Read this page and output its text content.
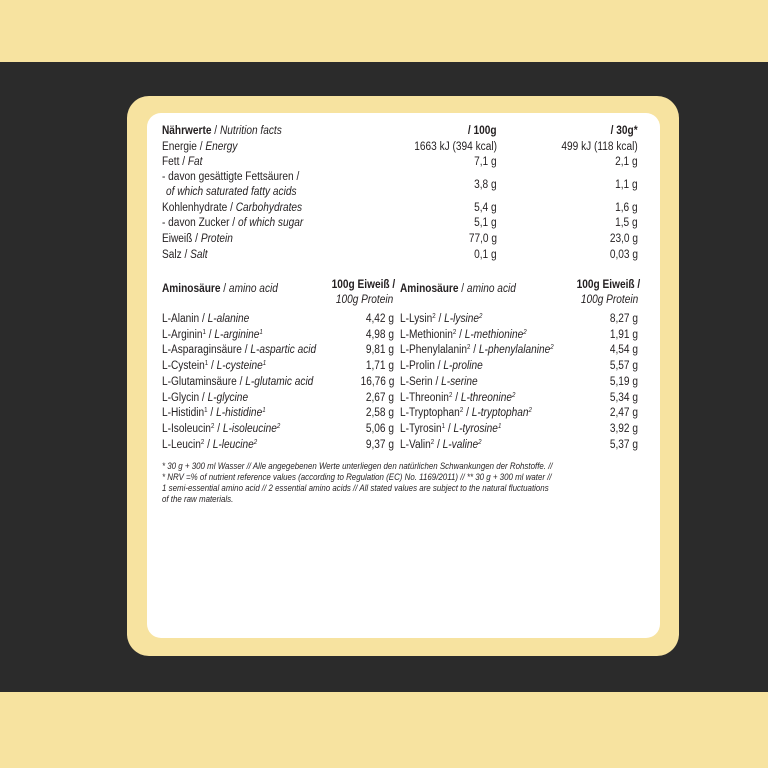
Nährwerte / Nutrition facts	/ 100g	/ 30g*
Energie / Energy	1663 kJ (394 kcal)	499 kJ (118 kcal)
Fett / Fat	7,1 g	2,1 g
- davon gesättigte Fettsäuren /
of which saturated fatty acids
3,8 g	1,1 g
Kohlenhydrate / Carbohydrates	5,4 g	1,6 g
- davon Zucker / of which sugar	5,1 g	1,5 g
Eiweiß / Protein	77,0 g	23,0 g
Salz / Salt	0,1 g	0,03 g
Aminosäure / amino acid	100g Eiweiß /
100g Protein
L-Alanin / L-alanine	4,42 g
L-Arginin$^1$ / L-arginine$^1$	4,98 g
L-Asparaginsäure / L-aspartic acid	9,81 g
L-Cystein$^1$ / L-cysteine$^1$	1,71 g
L-Glutaminsäure / L-glutamic acid	16,76 g
L-Glycin / L-glycine	2,67 g
L-Histidin$^1$ / L-histidine$^1$	2,58 g
L-Isoleucin$^2$ / L-isoleucine$^2$	5,06 g
L-Leucin$^2$ / L-leucine$^2$	9,37 g
Aminosäure / amino acid	100g Eiweiß /
100g Protein
L-Lysin$^2$ / L-lysine$^2$	8,27 g
L-Methionin$^2$ / L-methionine$^2$	1,91 g
L-Phenylalanin$^2$ / L-phenylalanine$^2$	4,54 g
L-Prolin / L-proline	5,57 g
L-Serin / L-serine	5,19 g
L-Threonin$^2$ / L-threonine$^2$	5,34 g
L-Tryptophan$^2$ / L-tryptophan$^2$	2,47 g
L-Tyrosin$^1$ / L-tyrosine$^1$	3,92 g
L-Valin$^2$ / L-valine$^2$	5,37 g
* 30 g + 300 ml Wasser // Alle angegebenen Werte unterliegen den natürlichen Schwankungen der Rohstoffe. //
* NRV =% of nutrient reference values (according to Regulation (EC) No. 1169/2011) // ** 30 g + 300 ml water //
1 semi-essential amino acid // 2 essential amino acids // All stated values are subject to the natural fluctuations
of the raw materials.
